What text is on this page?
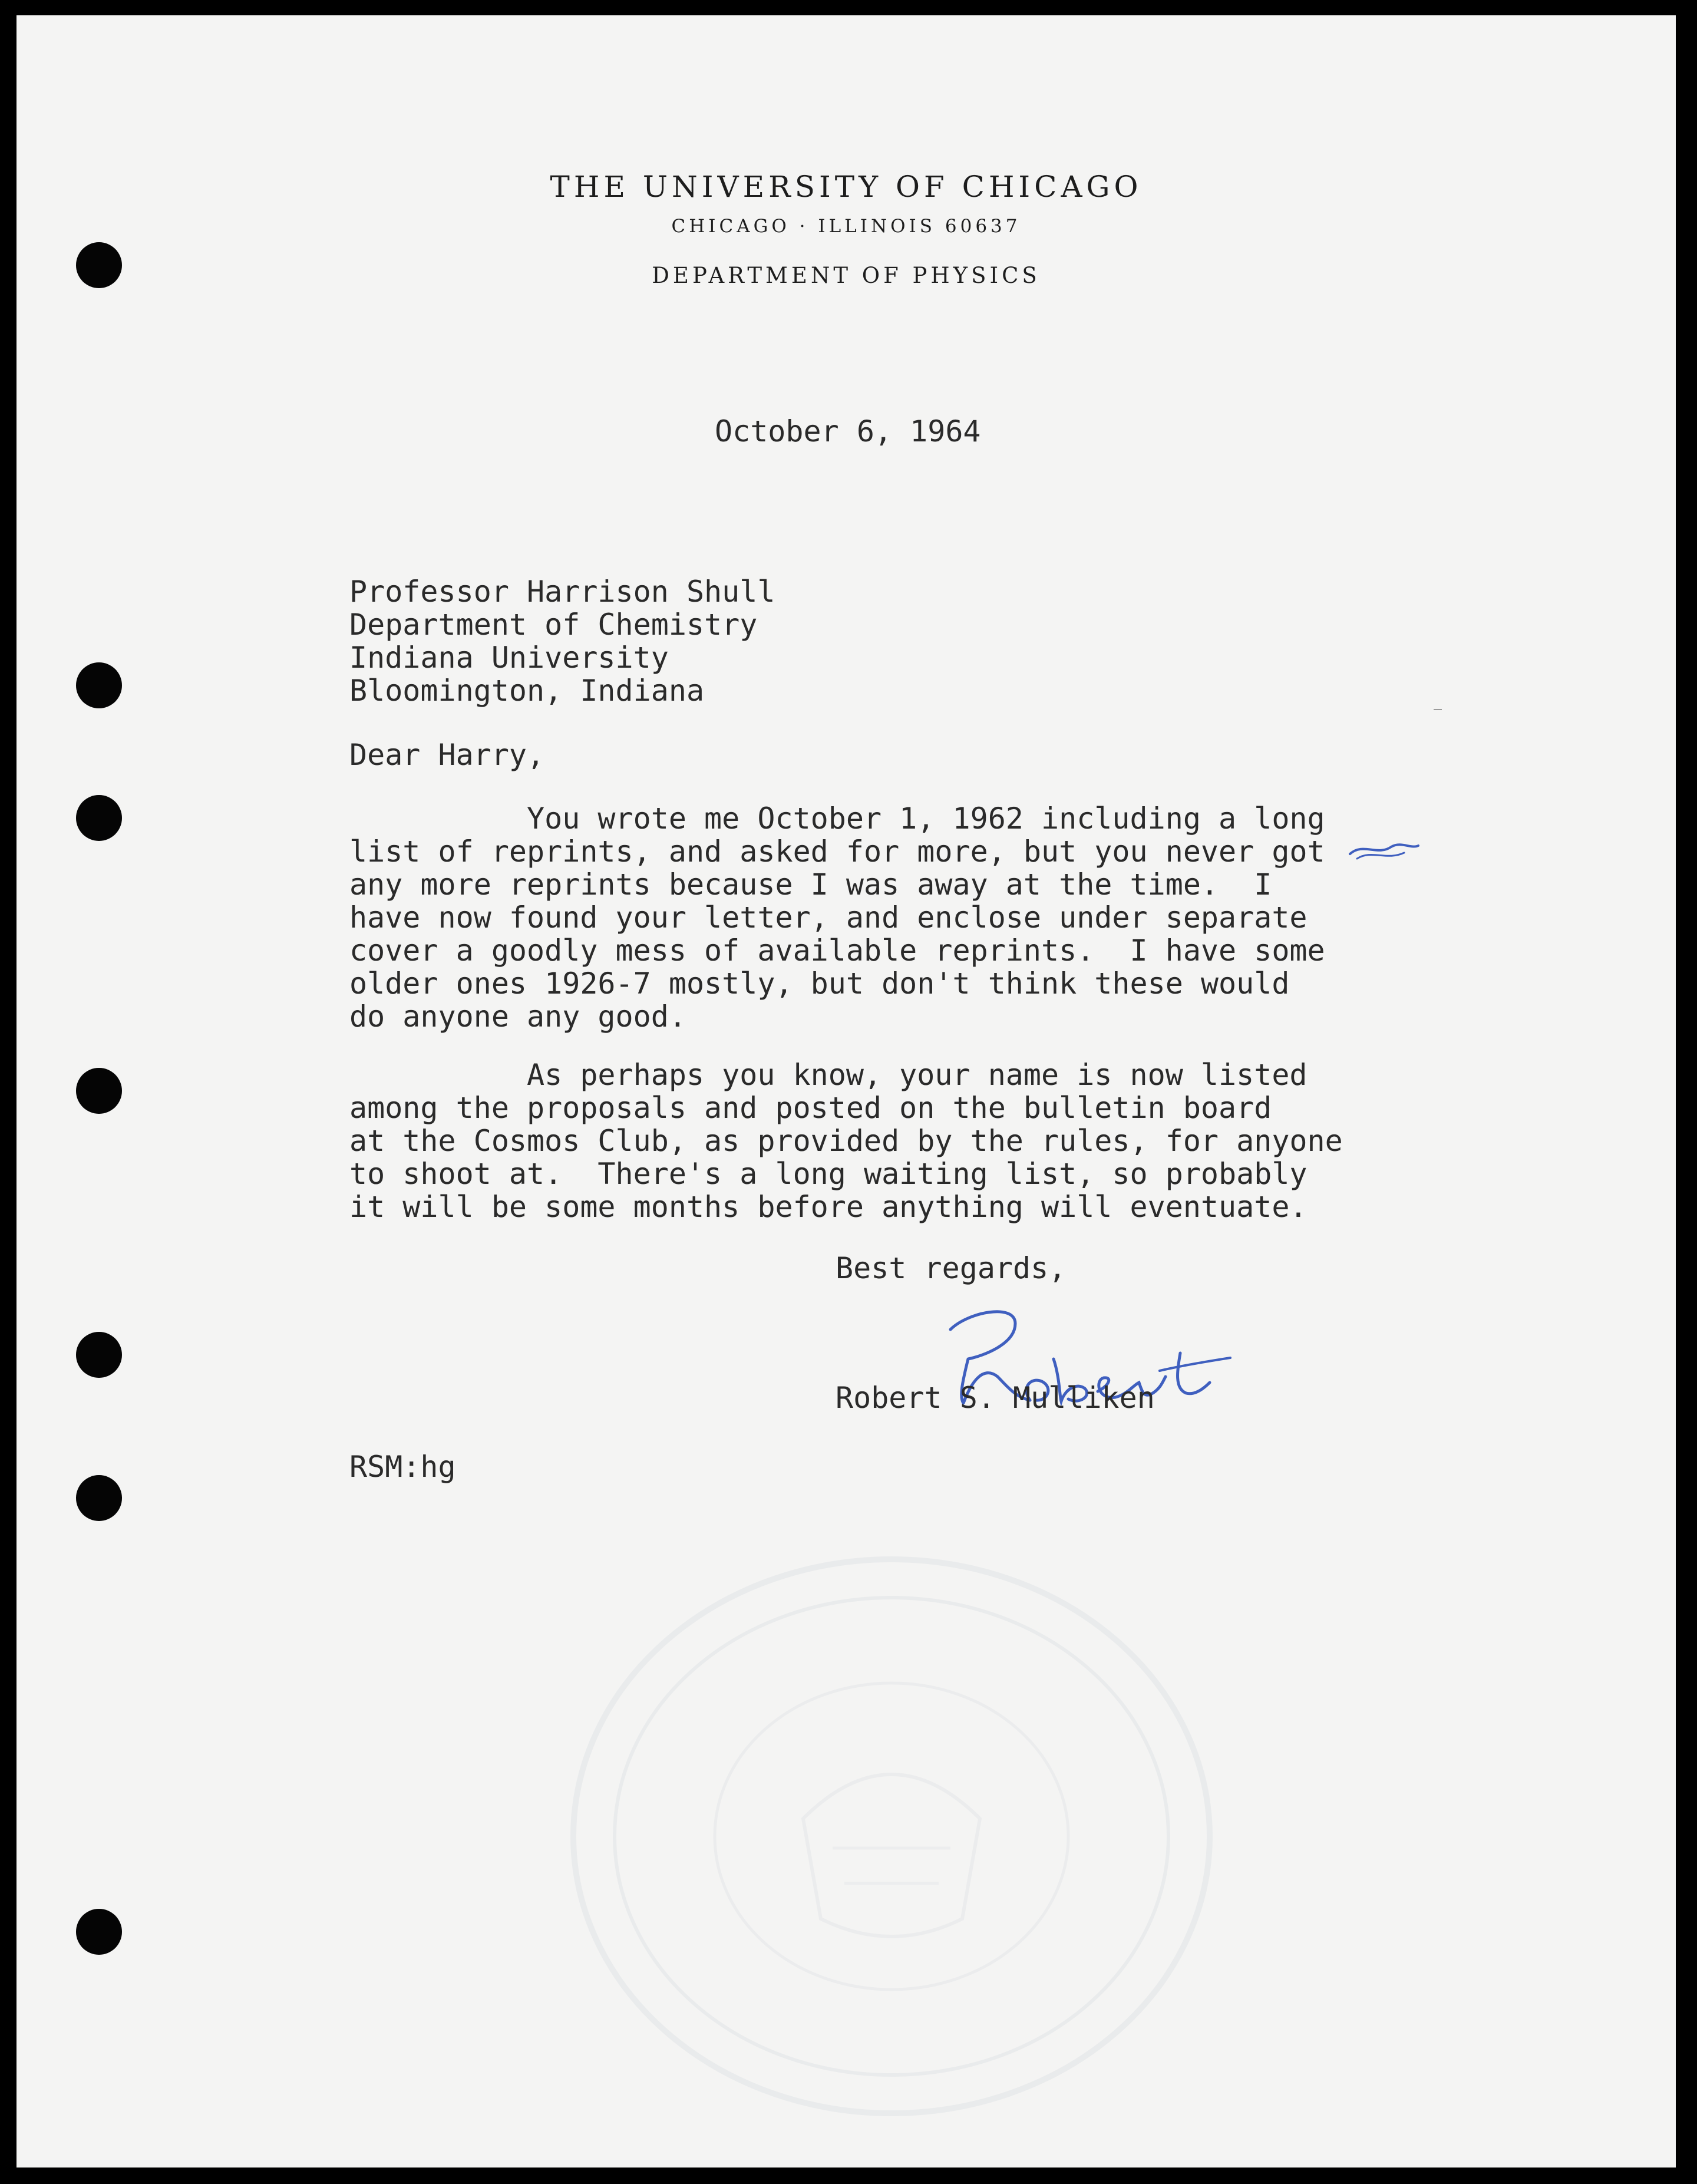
THE UNIVERSITY OF CHICAGO
CHICAGO · ILLINOIS 60637
DEPARTMENT OF PHYSICS
October 6, 1964
Professor Harrison Shull
Department of Chemistry
Indiana University
Bloomington, Indiana
Dear Harry,
You wrote me October 1, 1962 including a long
list of reprints, and asked for more, but you never got
any more reprints because I was away at the time.  I
have now found your letter, and enclose under separate
cover a goodly mess of available reprints.  I have some
older ones 1926-7 mostly, but don't think these would
do anyone any good.
As perhaps you know, your name is now listed
among the proposals and posted on the bulletin board
at the Cosmos Club, as provided by the rules, for anyone
to shoot at.  There's a long waiting list, so probably
it will be some months before anything will eventuate.
Best regards,
Robert S. Mulliken
RSM:hg
